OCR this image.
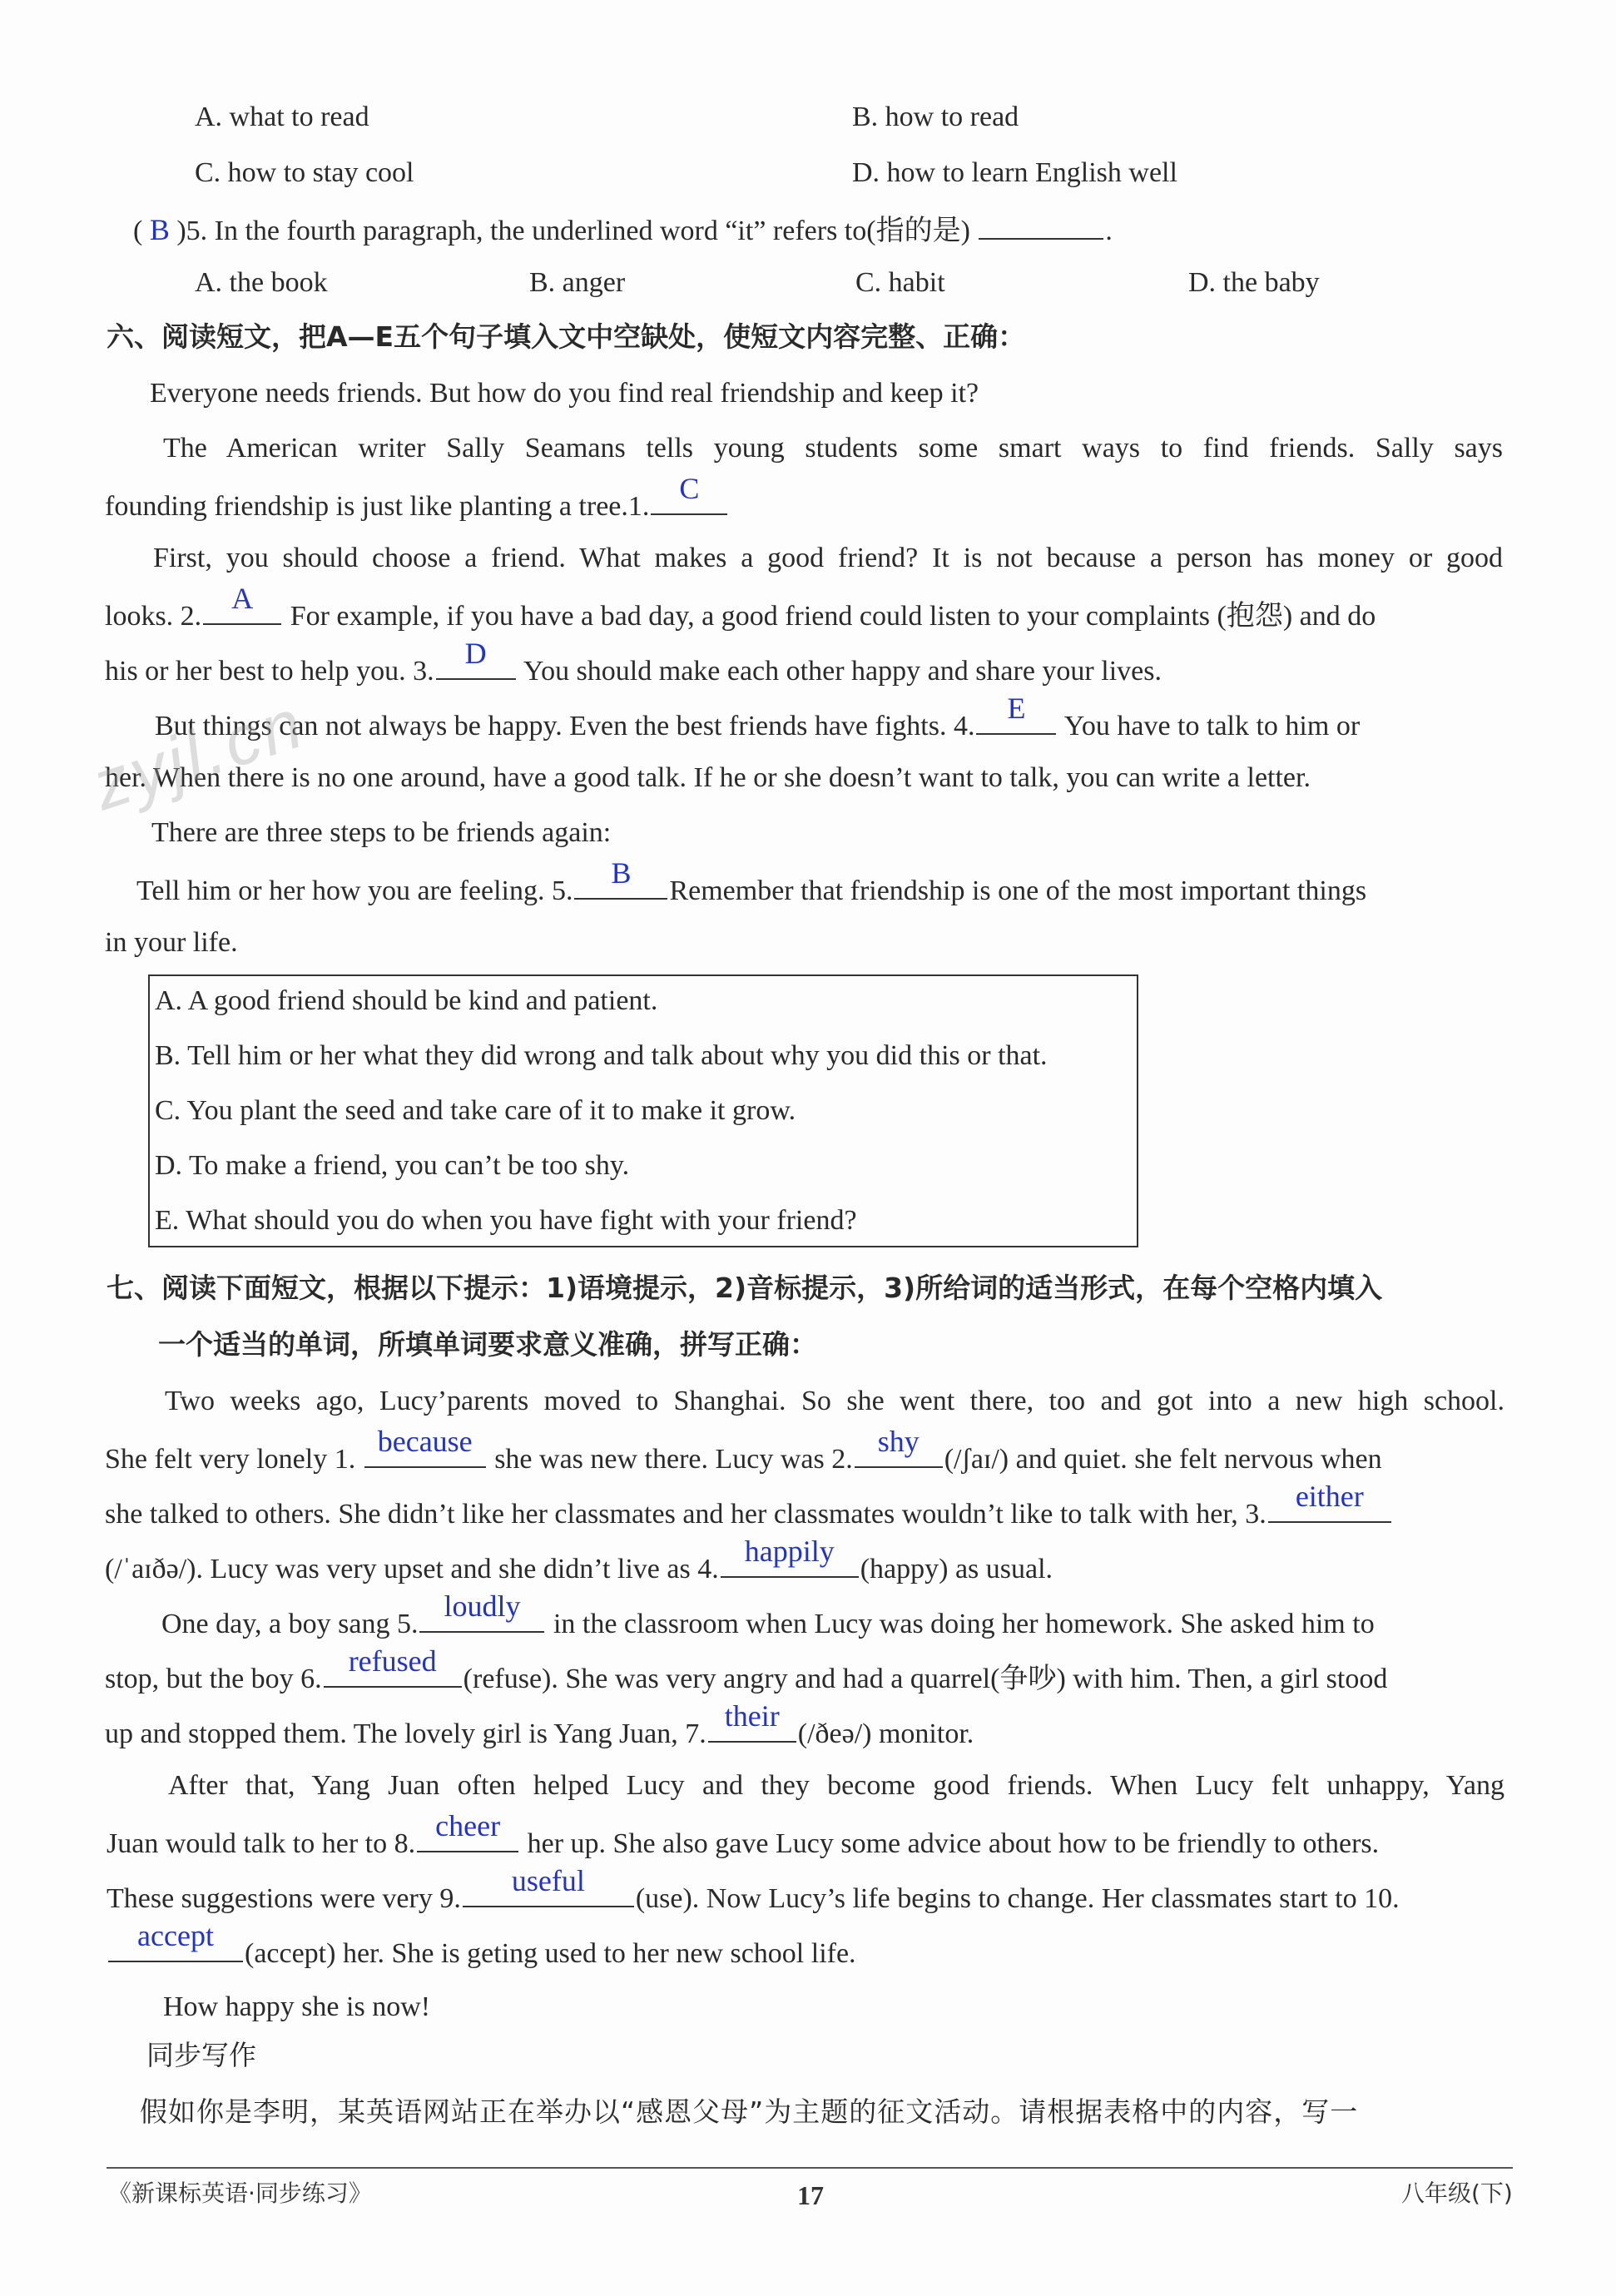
A. what to read	B. how to read
C. how to stay cool	D. how to learn English well
( B )5. In the fourth paragraph, the underlined word “it” refers to(指的是)	.
A. the book	B. anger	C. habit	D. the baby
六、阅读短文，把A—E五个句子填入文中空缺处，使短文内容完整、正确：
Everyone needs friends. But how do you find real friendship and keep it?
The American writer Sally Seamans tells young students some smart ways to find friends. Sally says
founding friendship is just like planting a tree.1.
C
First, you should choose a friend. What makes a good friend? It is not because a person has money or good
looks. 2.
A
For example, if you have a bad day, a good friend could listen to your complaints (抱怨) and do
his or her best to help you. 3.
D
You should make each other happy and share your lives.
But things can not always be happy. Even the best friends have fights. 4.
E
You have to talk to him or
her. When there is no one around, have a good talk. If he or she doesn’t want to talk, you can write a letter.
zyjl.cn
There are three steps to be friends again:
Tell him or her how you are feeling. 5.
B
Remember that friendship is one of the most important things
in your life.
A. A good friend should be kind and patient.
B. Tell him or her what they did wrong and talk about why you did this or that.
C. You plant the seed and take care of it to make it grow.
D. To make a friend, you can’t be too shy.
E. What should you do when you have fight with your friend?
七、阅读下面短文，根据以下提示：1)语境提示，2)音标提示，3)所给词的适当形式，在每个空格内填入
一个适当的单词，所填单词要求意义准确，拼写正确：
Two weeks ago, Lucy’parents moved to Shanghai. So she went there, too and got into a new high school.
She felt very lonely 1.
because
she was new there. Lucy was 2.
shy
(/ʃaɪ/) and quiet. she felt nervous when
she talked to others. She didn’t like her classmates and her classmates wouldn’t like to talk with her, 3.
either
(/ˈaɪðə/). Lucy was very upset and she didn’t live as 4.
happily
(happy) as usual.
One day, a boy sang 5.
loudly
in the classroom when Lucy was doing her homework. She asked him to
stop, but the boy 6.
refused
(refuse). She was very angry and had a quarrel(争吵) with him. Then, a girl stood
up and stopped them. The lovely girl is Yang Juan, 7.
their
(/ðeə/) monitor.
After that, Yang Juan often helped Lucy and they become good friends. When Lucy felt unhappy, Yang
Juan would talk to her to 8.
cheer
her up. She also gave Lucy some advice about how to be friendly to others.
These suggestions were very 9.
useful
(use). Now Lucy’s life begins to change. Her classmates start to 10.
accept
(accept) her. She is geting used to her new school life.
How happy she is now!
同步写作
假如你是李明，某英语网站正在举办以“感恩父母”为主题的征文活动。请根据表格中的内容，写一
《新课标英语·同步练习》	17	八年级(下)
